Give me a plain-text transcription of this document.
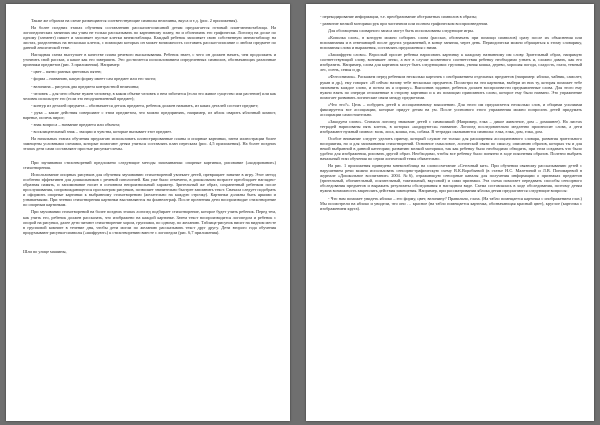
Также же образом на схеме размещаются соответствующие символы величины, вкуса и т.д. (рис. 2 приложения).

На более поздних этапах обучения составлению рассказов-описаний детям предлагается готовый план-мнемотаблица. На логопедических занятиях мы учим не только рассказывать по картинному плану, но и обозначать его графически. Логопед на доске по одному (элемент) пишет и заполняет пустые клетки мнемотаблицы. Каждый ребенок заполняет свою собственную мнемотаблицу на листах, разделенных на несколько клеток, с помощью которых он может возможность составить рассказ-описание о любом предмете по данной лексической теме.

Наглядная схема выступает в качестве плана речевого высказывания. Ребенок знает, с чего он должен начать, чем продолжить и уточнить свой рассказ, а какое как его завершить. Это достигается использованием определенных символов, обозначающих различные признаки предметов (рис. 3 приложения). Например:

- цвет – пятно разных цветовых пятен;

- форма – названию, какую форму имеет сам предмет или его части;

- величина – рисунок два предмета контрастной величины;

- человек – для чего объект нужен человеку, в каком объеме человек о нем заботится (если это живое существо или растение) или как человек использует его (если это неодушевленный предмет);

- контур из деталей предмета – обозначается деталь предмета, ребенок должен называть, из каких деталей состоит предмет;

- рука – какие действия совершают с этим предметом, что можно предпринять, например, из яблок сварить яблочный компот, варенье, испечь пирог;

- знак вопроса – название предмета или объекта;

- восклицательный знак – эмоции и чувства, которые вызывает этот предмет.

На начальных этапах обучения предлагаю использовать иллюстрированные планы и опорные картинки, затем иллюстрации более замещены условными схемами, которые помогают детям учиться составлять план пересказа (рис. 4,5 приложения). На более поздних этапах дети сами составляют простые рисунки-схемы.

При заучивании стихотворений предложено следующие методы запоминания: опорные картинки, рисование («кодирование») стихотворения.

Использование опорных рисунков для обучения заучиванию стихотворений увлекает детей, превращает занятие в игру. Этот метод особенно эффективен для дошкольников с речевой патологией. Как уже было отмечено, в дошкольном возрасте преобладает наглядно-образная память, и запоминание носит в основном непроизвольный характер. Зрительный же образ, сохраненный ребенком после прослушивания, сопровождающегося просмотром рисунков, позволяет значительно быстрее запомнить текст. Сначала следует подобрать и оформить опорные картинки к выбранному стихотворению (желательно на каждую строчку). Картинки должны быть яркими и узнаваемыми. При чтении стихотворения картинки выставляются на фланелеграф. После прочтения дети воспроизводят стихотворение по опорным картинкам.

При заучивании стихотворений на более поздних этапах логопед подбирает стихотворение, которое будет учить ребенок. Перед тем, как учить его, ребенок должен рассказать, что изображено на каждой картинке. Затем текст воспроизводится логопедом и ребенок с опорой на рисунки, далее дети читают стихотворение хором, группами, по одному, по желанию. Таблица-рисунок висит на видном месте в групповой комнате в течение дня, чтобы дети могли по желанию рассказывать текст друг другу. Дети второго года обучения придумывают рисунки-символы («шифруют») к стихотворению вместе с логопедом (рис. 6,7 приложения).

Шли по улице машины,

- перекодирование информации, т.е. преобразование абстрактных символов в образы;

- развитие мелкой моторики рук при частичном или полном графическом воспроизведении.

Для обогащения словарного запаса могут быть использованы следующие игры.

«Копилка слов», в которую можно собирать слова (рассказ, обозначать при помощи символов) сразу после их объяснения или вспоминания и в отвечающей после других упражнений, в конце занятия, через день. Периодически можно обращаться к этому словарику, вспоминая слова и выражения, составлять предложения с ними.

«Зашифруем слово». Взрослый просит ребенка нарисовать картинку к каждому названному им слову. Зрительный образ, напрямую соответствующий слову, возникает легко, а вот в случае косвенного соответствия ребенку необходимо узнать и, сложно давать, как его изобразить. Например, слова для картинок могут быть следующими: грузовик, умная кошка, дерево, хорошая погода, сладость, глаза, темный лес, осень, семья и др.

«Фотоснимок». Раскажем перед ребенком несколько карточек с изображением отдельных предметов (например: яблоко, чайник, самолет, рукав и др.), ему говорят: «Я сейчас назову тебе несколько предметов. Посмотри на эти картинки, выбери из них ту, которая поможет тебе запомнить каждое слово, и потом их я спрошу». Выполнив задание, ребенок должен воспроизвести предъявленные слова. Для этого ему нужно взять по очереди отложенные в сторону картинки и к их помощью припомнить слово, которое ему было названо. Это упражнение помогает развивать логические связи между предметами.

«Что это?». Цель – побудить детей к ассоциативному мышлению. Для этого им предлагается несколько слов, и общими усилиями фиксируется все ассоциации, которые придут детям на ум. После успешного этого упражнения можно попросить детей придумать ассоциации самостоятельно.

«Закодуем слово». Сначала логопед знакомит детей с символикой (Например, елка – дикое животное, дом – домашнее). На листах тетрадей нарисованы пять клеток, в которых «кодируются» название. Логопед последовательно медленно произносит слова, а дети изображают нужный символ: волк, лиса, кошка, ель, собака. В тетрадях оказываются символы: елка, елка, дом, елка, дом.

Особое внимание следует уделить приему, который служит не только для расширения ассоциативного словаря, развития зрительного восприятия, но и для запоминания стихотворений. Основное смысловое, логической связи по смыслу, описанию образов, которых ты и для некой выбранной в данной категории; развитию мелкой моторики, так как ребенку было необходимо обводить, при этом создавать что было удобно для изображения, рисовать другой образ. Необходимо, чтобы все ребенку было понятно в ходе пояснения образов. Полезно выбрать начальный этап обучения по серии логической темы обязательно.

На рис. 1 приложения приведена мнемотаблица на словосочетание «Сеточный кит». При обучении связному рассказыванию детей с нарушением речи можно использовать сенсорно-графическую схему В.К.Воробьевой (в статье Н.С. Малетиной и Л.В. Пономаревой в журнале «Дошкольное воспитание» 2004. №6), отражающую сенсорные каналы для получения информации о признаках предметов (зрительный, обонятельный, осязательный, тактильный, вкусовой) и сами признаки. Эта схема помогает передавать способы сенсорного обследования предметов и выражать результаты обследования в наглядном виде. Схема составлялась в ходе обследования, поэтому детям нужна возможность закреплять действия замещения. Например, при рассматривании яблока детям предлагаются следующие вопросы:

- Что нам поможет увидеть яблоко – его форму, цвет, величину? Правильно, глаза. (На табло помещается карточка с изображением глаз.) Мы посмотрели на яблоко и увидели, что оно … красное (на табло помещается карточка, обозначающая красный цвет), круглое (карточка с изображением круга).
